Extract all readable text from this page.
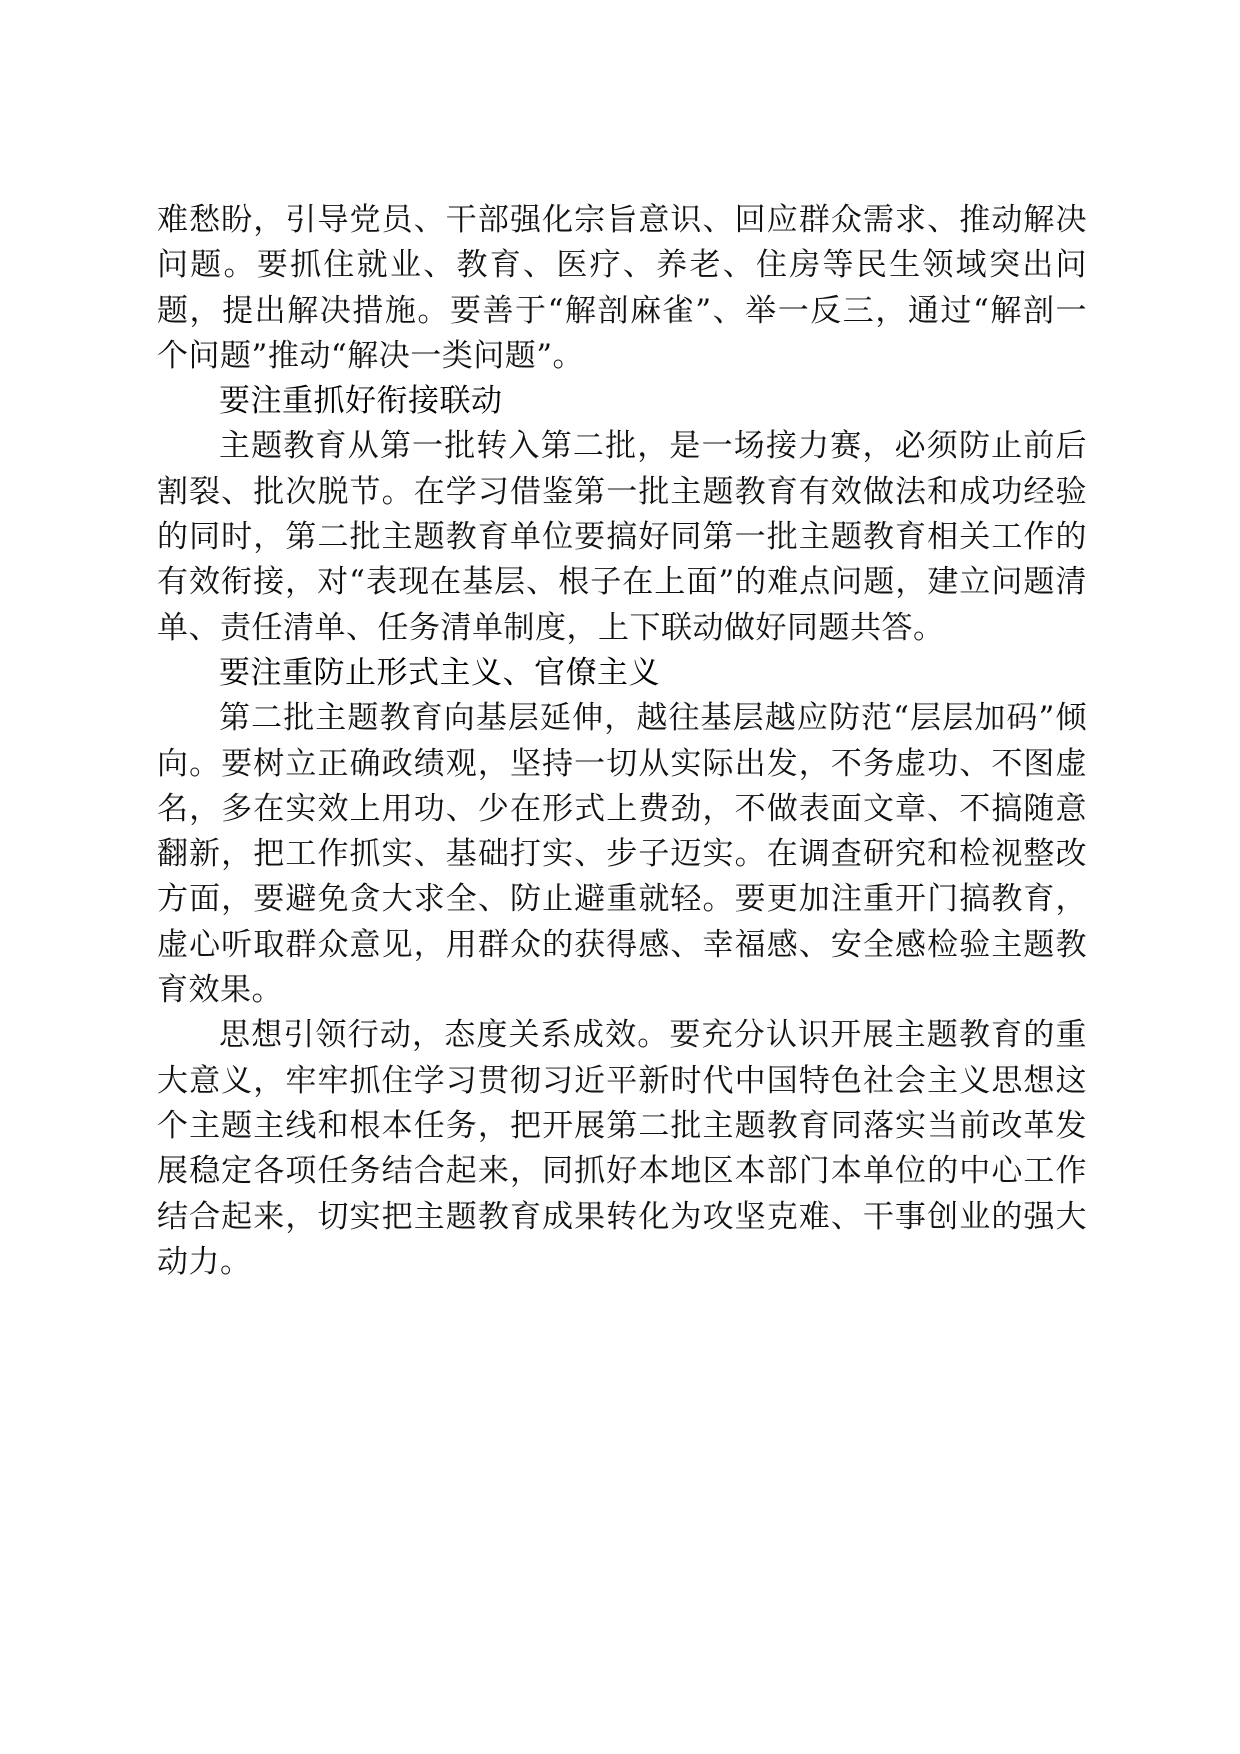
难愁盼，引导党员、干部强化宗旨意识、回应群众需求、推动解决问题。要抓住就业、教育、医疗、养老、住房等民生领域突出问题，提出解决措施。要善于“解剖麻雀”、举一反三，通过“解剖一个问题”推动“解决一类问题”。

要注重抓好衔接联动

主题教育从第一批转入第二批，是一场接力赛，必须防止前后割裂、批次脱节。在学习借鉴第一批主题教育有效做法和成功经验的同时，第二批主题教育单位要搞好同第一批主题教育相关工作的有效衔接，对“表现在基层、根子在上面”的难点问题，建立问题清单、责任清单、任务清单制度，上下联动做好同题共答。

要注重防止形式主义、官僚主义

第二批主题教育向基层延伸，越往基层越应防范“层层加码”倾向。要树立正确政绩观，坚持一切从实际出发，不务虚功、不图虚名，多在实效上用功、少在形式上费劲，不做表面文章、不搞随意翻新，把工作抓实、基础打实、步子迈实。在调查研究和检视整改方面，要避免贪大求全、防止避重就轻。要更加注重开门搞教育，虚心听取群众意见，用群众的获得感、幸福感、安全感检验主题教育效果。

思想引领行动，态度关系成效。要充分认识开展主题教育的重大意义，牢牢抓住学习贯彻习近平新时代中国特色社会主义思想这个主题主线和根本任务，把开展第二批主题教育同落实当前改革发展稳定各项任务结合起来，同抓好本地区本部门本单位的中心工作结合起来，切实把主题教育成果转化为攻坚克难、干事创业的强大动力。
